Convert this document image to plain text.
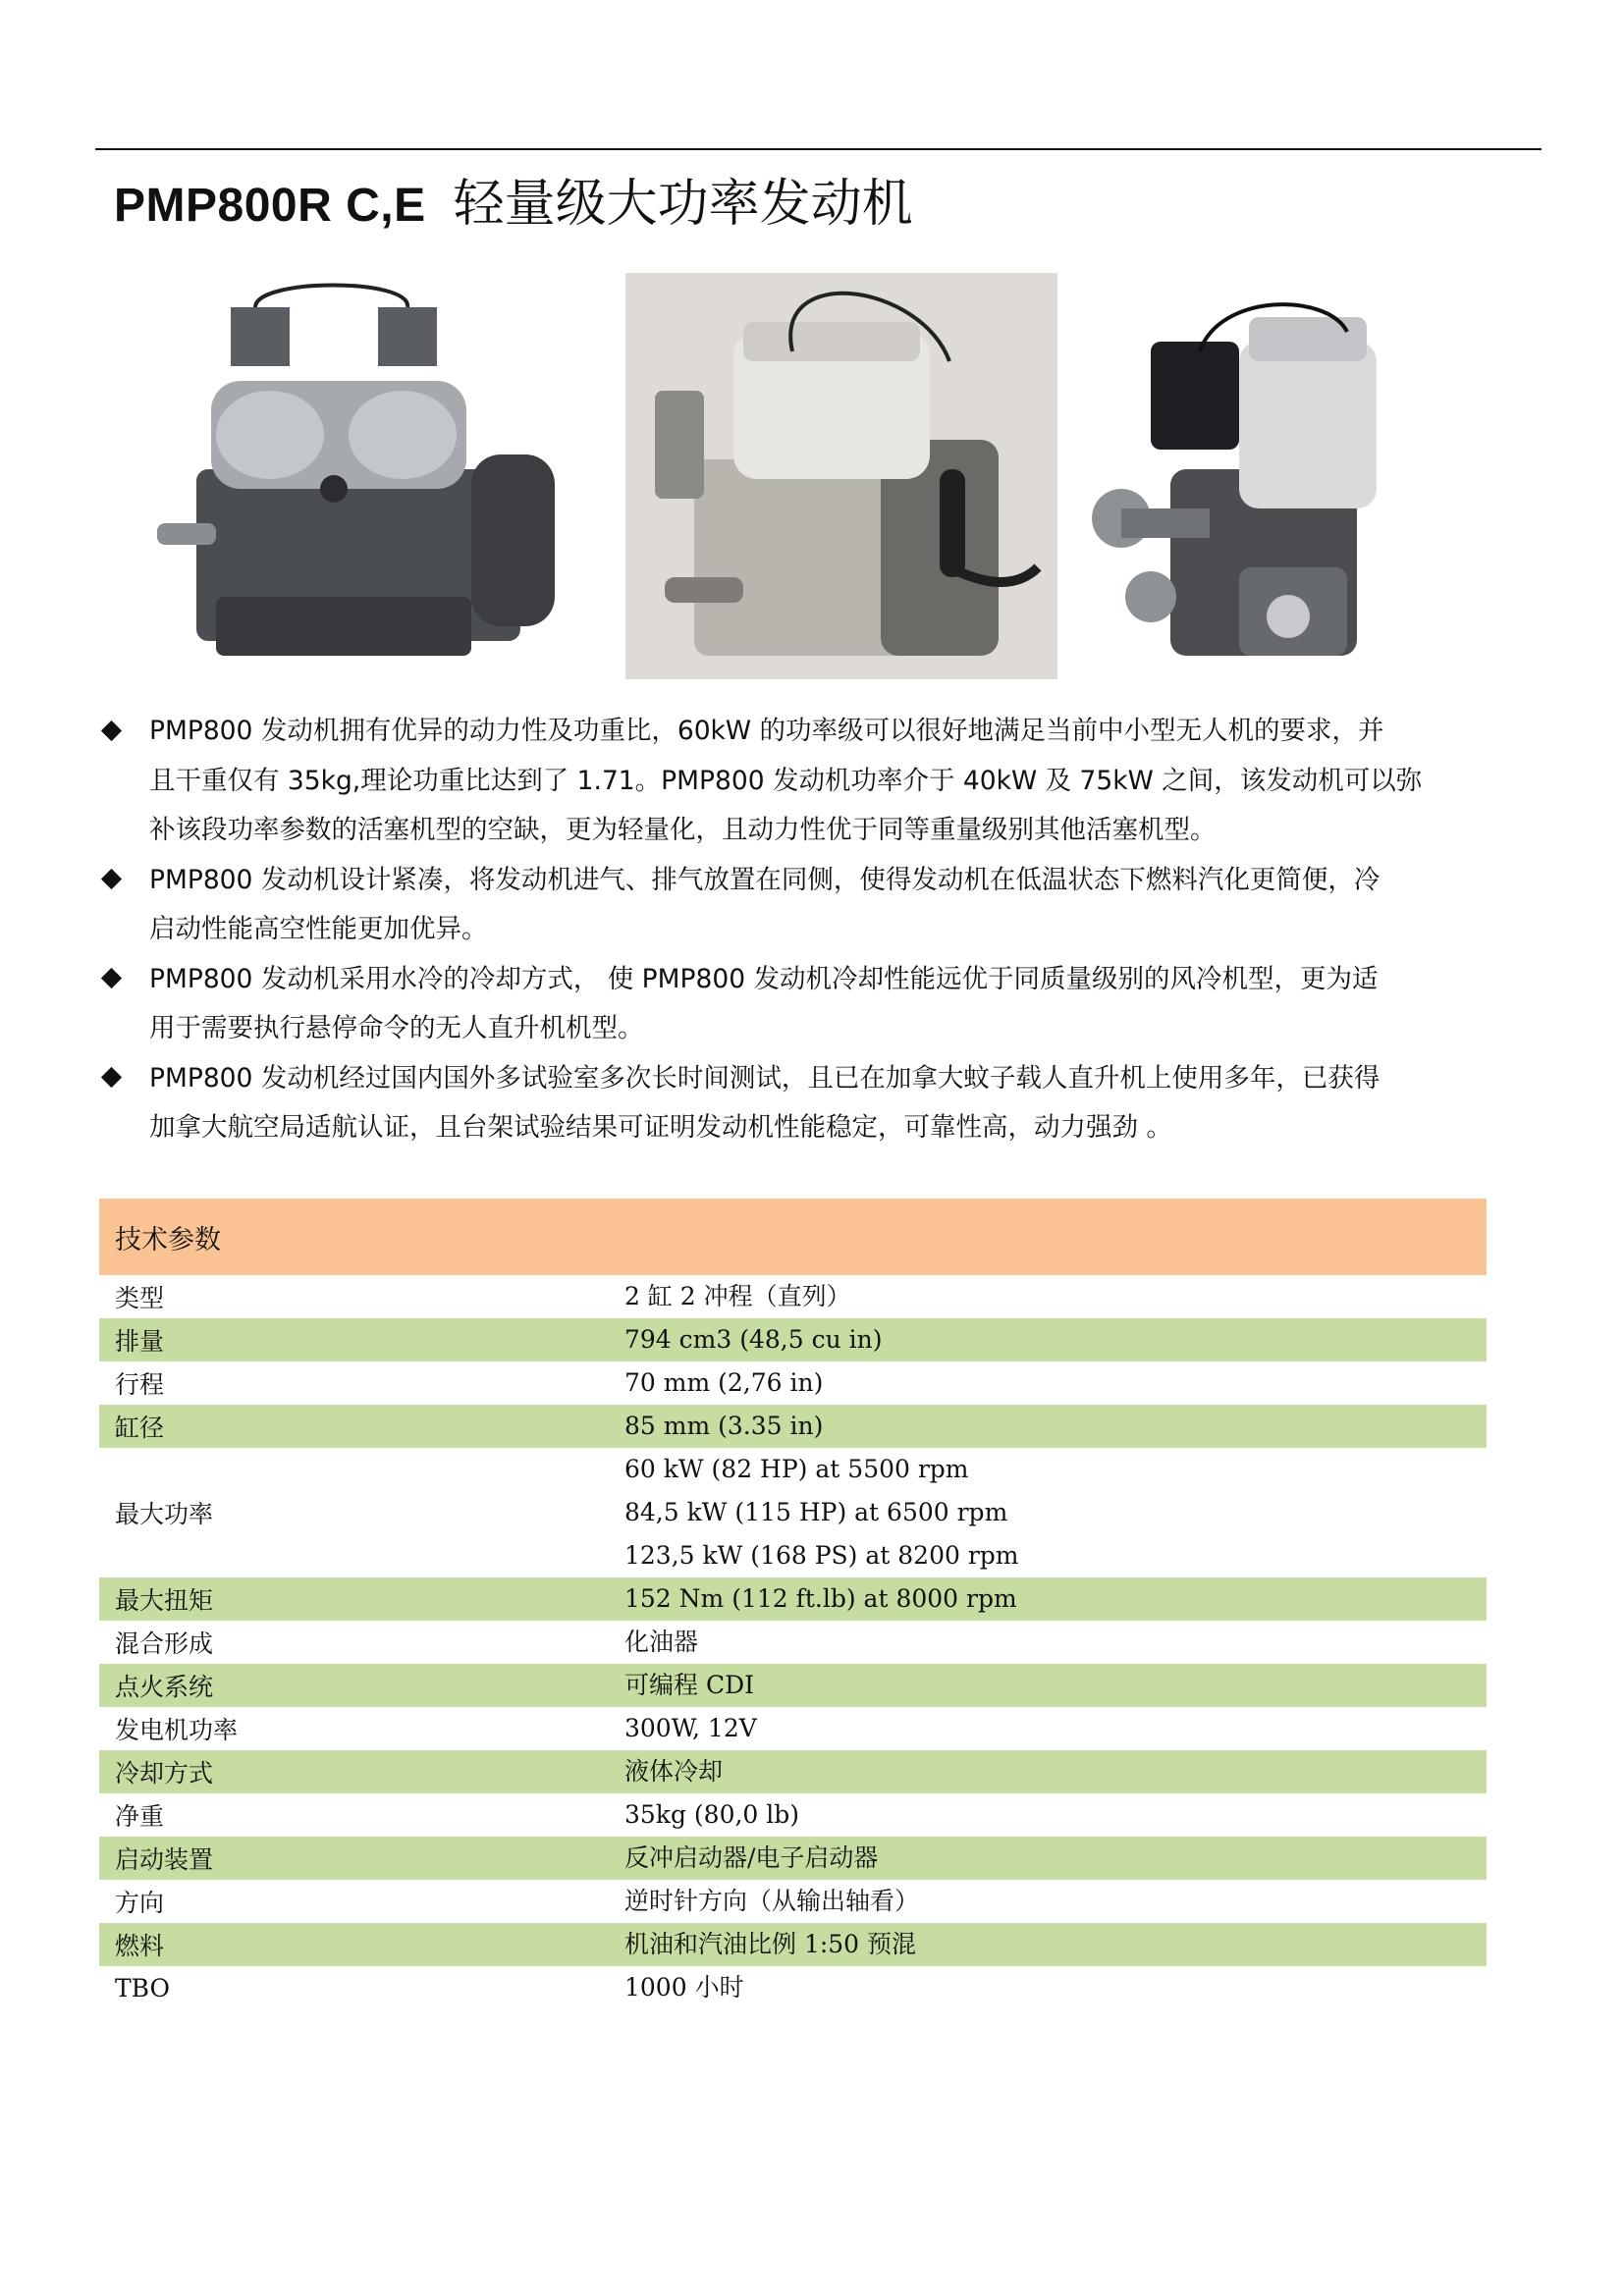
PMP800R C,E 轻量级大功率发动机
PMP800 发动机拥有优异的动力性及功重比，60kW 的功率级可以很好地满足当前中小型无人机的要求，并
且干重仅有 35kg,理论功重比达到了 1.71。PMP800 发动机功率介于 40kW 及 75kW 之间，该发动机可以弥
补该段功率参数的活塞机型的空缺，更为轻量化，且动力性优于同等重量级别其他活塞机型。
PMP800 发动机设计紧凑，将发动机进气、排气放置在同侧，使得发动机在低温状态下燃料汽化更简便，冷
启动性能高空性能更加优异。
PMP800 发动机采用水冷的冷却方式， 使 PMP800 发动机冷却性能远优于同质量级别的风冷机型，更为适
用于需要执行悬停命令的无人直升机机型。
PMP800 发动机经过国内国外多试验室多次长时间测试，且已在加拿大蚊子载人直升机上使用多年，已获得
加拿大航空局适航认证，且台架试验结果可证明发动机性能稳定，可靠性高，动力强劲 。
技术参数
类型	2 缸 2 冲程（直列）
排量	794 cm3 (48,5 cu in)
行程	70 mm (2,76 in)
缸径	85 mm (3.35 in)
最大功率
60 kW (82 HP) at 5500 rpm
84,5 kW (115 HP) at 6500 rpm
123,5 kW (168 PS) at 8200 rpm
最大扭矩	152 Nm (112 ft.lb) at 8000 rpm
混合形成	化油器
点火系统	可编程 CDI
发电机功率	300W, 12V
冷却方式	液体冷却
净重	35kg (80,0 lb)
启动装置	反冲启动器/电子启动器
方向	逆时针方向（从输出轴看）
燃料	机油和汽油比例 1:50 预混
TBO	1000 小时
